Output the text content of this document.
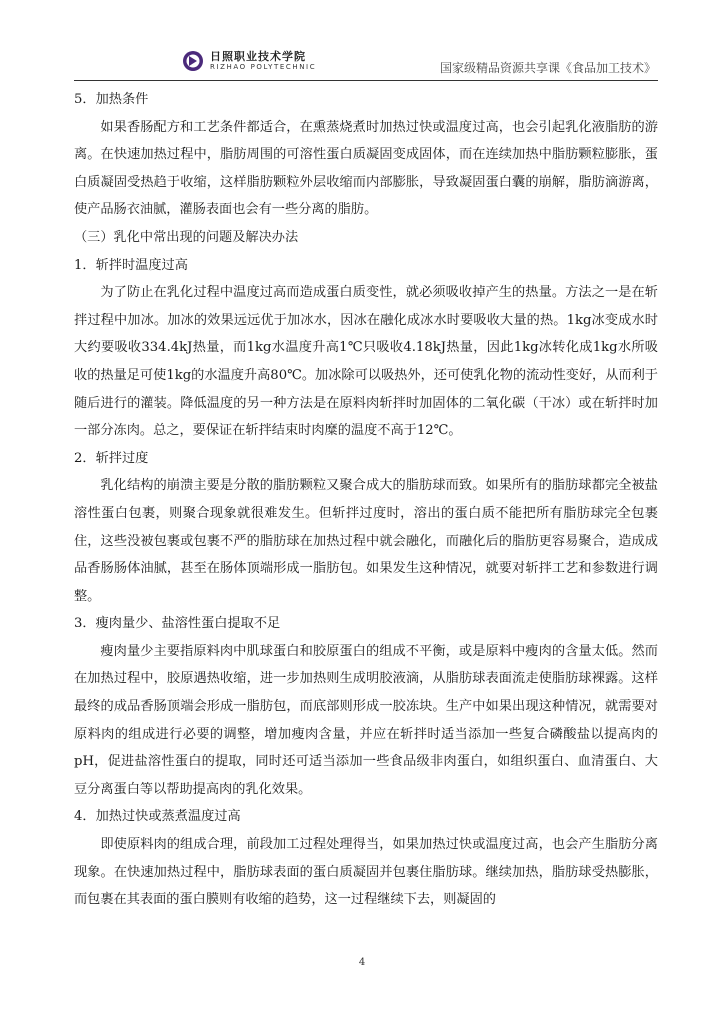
日照职业技术学院
RIZHAO POLYTECHNIC	国家级精品资源共享课《食品加工技术》

5．加热条件

如果香肠配方和工艺条件都适合，在熏蒸烧煮时加热过快或温度过高，也会引起乳化液脂肪的游离。在快速加热过程中，脂肪周围的可溶性蛋白质凝固变成固体，而在连续加热中脂肪颗粒膨胀，蛋白质凝固受热趋于收缩，这样脂肪颗粒外层收缩而内部膨胀，导致凝固蛋白囊的崩解，脂肪滴游离，使产品肠衣油腻，灌肠表面也会有一些分离的脂肪。

（三）乳化中常出现的问题及解决办法

1．斩拌时温度过高

为了防止在乳化过程中温度过高而造成蛋白质变性，就必须吸收掉产生的热量。方法之一是在斩拌过程中加冰。加冰的效果远远优于加冰水，因冰在融化成冰水时要吸收大量的热。1kg冰变成水时大约要吸收334.4kJ热量，而1kg水温度升高1℃只吸收4.18kJ热量，因此1kg冰转化成1kg水所吸收的热量足可使1kg的水温度升高80℃。加冰除可以吸热外，还可使乳化物的流动性变好，从而利于随后进行的灌装。降低温度的另一种方法是在原料肉斩拌时加固体的二氧化碳（干冰）或在斩拌时加一部分冻肉。总之，要保证在斩拌结束时肉糜的温度不高于12℃。

2．斩拌过度

乳化结构的崩溃主要是分散的脂肪颗粒又聚合成大的脂肪球而致。如果所有的脂肪球都完全被盐溶性蛋白包裹，则聚合现象就很难发生。但斩拌过度时，溶出的蛋白质不能把所有脂肪球完全包裹住，这些没被包裹或包裹不严的脂肪球在加热过程中就会融化，而融化后的脂肪更容易聚合，造成成品香肠肠体油腻，甚至在肠体顶端形成一脂肪包。如果发生这种情况，就要对斩拌工艺和参数进行调整。

3．瘦肉量少、盐溶性蛋白提取不足

瘦肉量少主要指原料肉中肌球蛋白和胶原蛋白的组成不平衡，或是原料中瘦肉的含量太低。然而在加热过程中，胶原遇热收缩，进一步加热则生成明胶液滴，从脂肪球表面流走使脂肪球裸露。这样最终的成品香肠顶端会形成一脂肪包，而底部则形成一胶冻块。生产中如果出现这种情况，就需要对原料肉的组成进行必要的调整，增加瘦肉含量，并应在斩拌时适当添加一些复合磷酸盐以提高肉的pH，促进盐溶性蛋白的提取，同时还可适当添加一些食品级非肉蛋白，如组织蛋白、血清蛋白、大豆分离蛋白等以帮助提高肉的乳化效果。

4．加热过快或蒸煮温度过高

即使原料肉的组成合理，前段加工过程处理得当，如果加热过快或温度过高，也会产生脂肪分离现象。在快速加热过程中，脂肪球表面的蛋白质凝固并包裹住脂肪球。继续加热，脂肪球受热膨胀，而包裹在其表面的蛋白膜则有收缩的趋势，这一过程继续下去，则凝固的

4
